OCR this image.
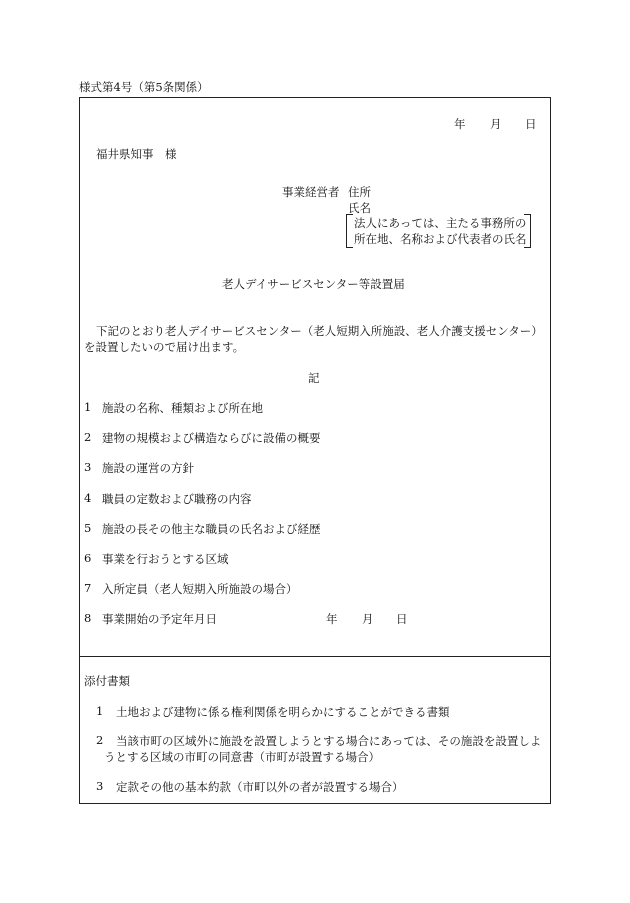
様式第4号（第5条関係）
年 月 日
福井県知事　様
事業経営者 住所
氏名
法人にあっては、主たる事務所の
所在地、名称および代表者の氏名
老人デイサービスセンター等設置届
下記のとおり老人デイサービスセンター（老人短期入所施設、老人介護支援センター）
を設置したいので届け出ます。
記
1 施設の名称、種類および所在地
2 建物の規模および構造ならびに設備の概要
3 施設の運営の方針
4 職員の定数および職務の内容
5 施設の長その他主な職員の氏名および経歴
6 事業を行おうとする区域
7 入所定員（老人短期入所施設の場合）
8 事業開始の予定年月日	年 月 日
添付書類
1 土地および建物に係る権利関係を明らかにすることができる書類
2 当該市町の区域外に施設を設置しようとする場合にあっては、その施設を設置しよ
うとする区域の市町の同意書（市町が設置する場合）
3 定款その他の基本約款（市町以外の者が設置する場合）
